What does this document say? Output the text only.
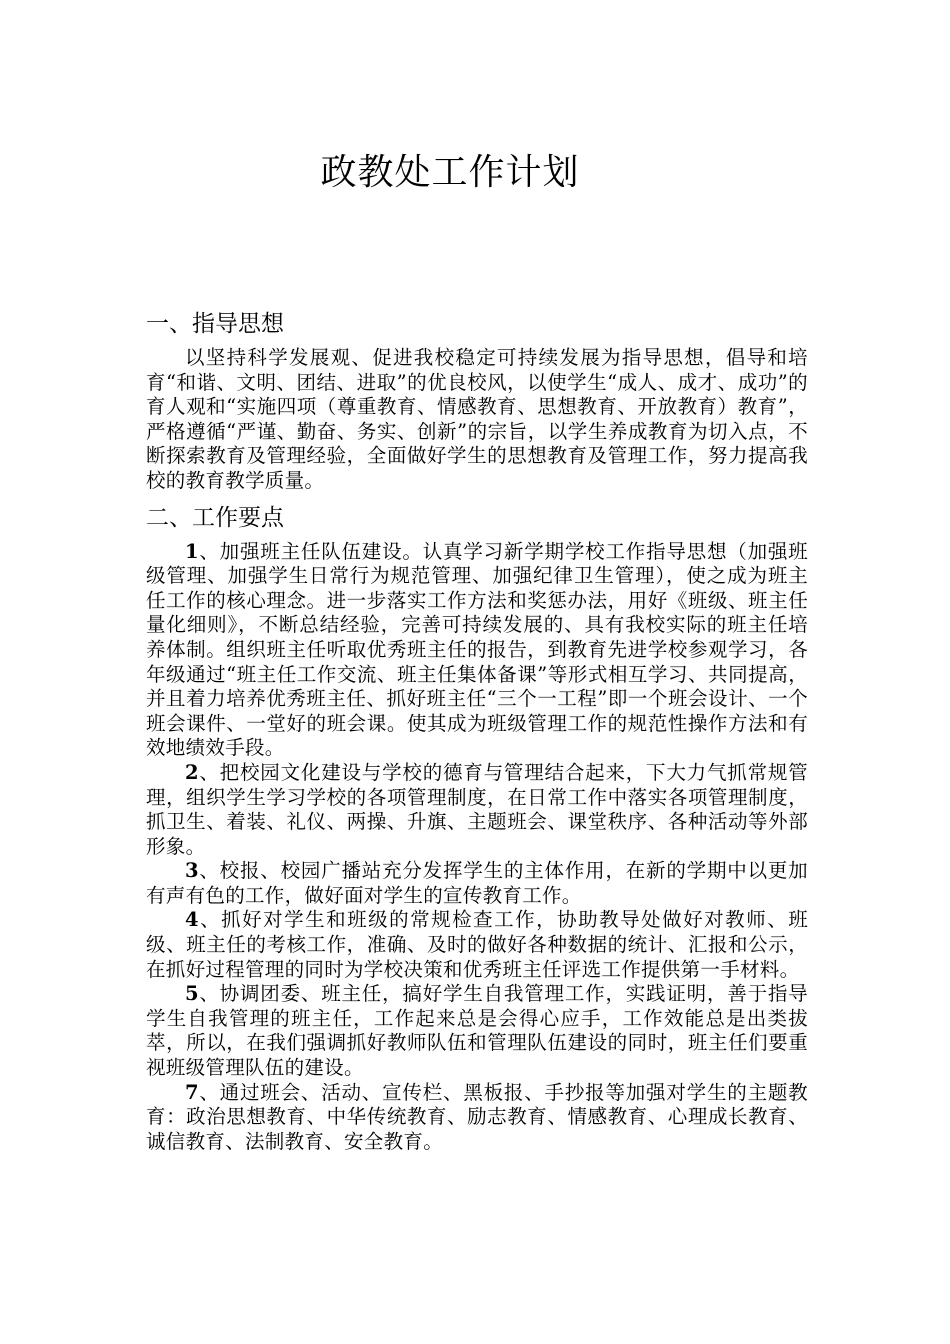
政教处工作计划
一、指导思想

以坚持科学发展观、促进我校稳定可持续发展为指导思想，倡导和培育“和谐、文明、团结、进取”的优良校风，以使学生“成人、成才、成功”的育人观和“实施四项（尊重教育、情感教育、思想教育、开放教育）教育”，严格遵循“严谨、勤奋、务实、创新”的宗旨，以学生养成教育为切入点，不断探索教育及管理经验，全面做好学生的思想教育及管理工作，努力提高我校的教育教学质量。

二、工作要点

1、加强班主任队伍建设。认真学习新学期学校工作指导思想（加强班级管理、加强学生日常行为规范管理、加强纪律卫生管理），使之成为班主任工作的核心理念。进一步落实工作方法和奖惩办法，用好《班级、班主任量化细则》，不断总结经验，完善可持续发展的、具有我校实际的班主任培养体制。组织班主任听取优秀班主任的报告，到教育先进学校参观学习，各年级通过“班主任工作交流、班主任集体备课”等形式相互学习、共同提高，并且着力培养优秀班主任、抓好班主任“三个一工程”即一个班会设计、一个班会课件、一堂好的班会课。使其成为班级管理工作的规范性操作方法和有效地绩效手段。

2、把校园文化建设与学校的德育与管理结合起来，下大力气抓常规管理，组织学生学习学校的各项管理制度，在日常工作中落实各项管理制度，抓卫生、着装、礼仪、两操、升旗、主题班会、课堂秩序、各种活动等外部形象。

3、校报、校园广播站充分发挥学生的主体作用，在新的学期中以更加有声有色的工作，做好面对学生的宣传教育工作。

4、抓好对学生和班级的常规检查工作，协助教导处做好对教师、班级、班主任的考核工作，准确、及时的做好各种数据的统计、汇报和公示，在抓好过程管理的同时为学校决策和优秀班主任评选工作提供第一手材料。

5、协调团委、班主任，搞好学生自我管理工作，实践证明，善于指导学生自我管理的班主任，工作起来总是会得心应手，工作效能总是出类拔萃，所以，在我们强调抓好教师队伍和管理队伍建设的同时，班主任们要重视班级管理队伍的建设。

7、通过班会、活动、宣传栏、黑板报、手抄报等加强对学生的主题教育：政治思想教育、中华传统教育、励志教育、情感教育、心理成长教育、诚信教育、法制教育、安全教育。
